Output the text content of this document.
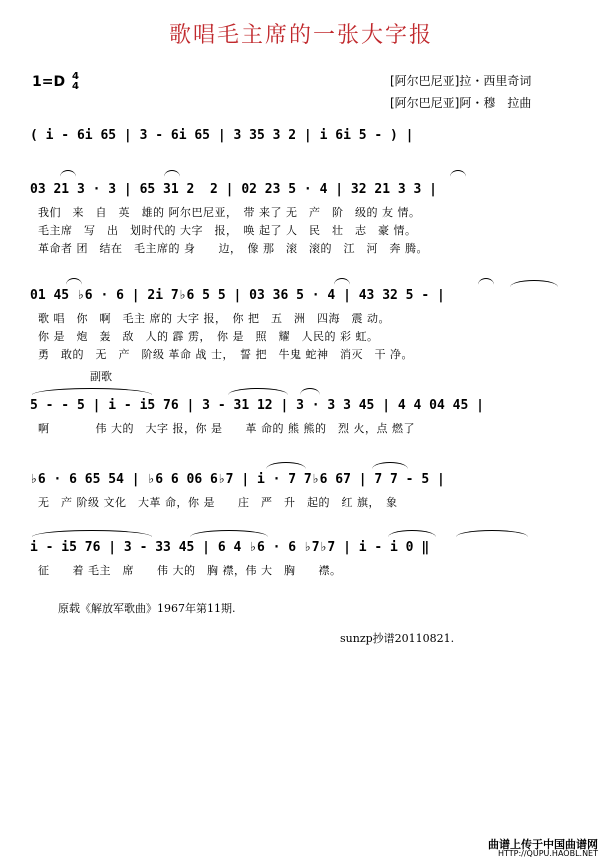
歌唱毛主席的一张大字报
1=D 4
4	[阿尔巴尼亚]拉・西里奇词
[阿尔巴尼亚]阿・穆　拉曲
( i - 6i 65 | 3 - 6i 65 | 3 35 3 2 | i 6i 5 - ) |
03 21 3 · 3 | 65 31 2  2 | 02 23 5 · 4 | 32 21 3 3 |
我们　来　自　英　雄的 阿尔巴尼亚，　带 来了 无　产　阶　级的 友 情。
毛主席　写　出　划时代的 大字　报，　唤 起了 人　民　壮　志　豪 情。
革命者 团　结在　毛主席的 身　　边，　像 那　滚　滚的　江　河　奔 腾。
01 45 ♭6 · 6 | 2i 7♭6 5 5 | 03 36 5 · 4 | 43 32 5 - |
歌 唱　你　啊　毛主 席的 大字 报，　你 把　五　洲　四海　震 动。
你 是　炮　轰　敌　人的 霹 雳，　你 是　照　耀　人民的 彩 虹。
勇　敢的　无　产　阶级 革命 战 士，　誓 把　牛鬼 蛇神　消灭　干 净。
副歌
5 - - 5 | i - i5 76 | 3 - 31 12 | 3 · 3 3 45 | 4 4 04 45 |
啊　　　　伟 大的　大字 报，你 是　　革 命的 熊 熊的　烈 火，点 燃了
♭6 · 6 65 54 | ♭6 6 06 6♭7 | i · 7 7♭6 67 | 7 7 - 5 |
无　产 阶级 文化　大革 命，你 是　　庄　严　升　起的　红 旗，　象
i - i5 76 | 3 - 33 45 | 6 4 ♭6 · 6 ♭7♭7 | i - i 0 ‖
征　　着 毛主　席　　伟 大的　胸 襟，伟 大　胸　　襟。
原载《解放军歌曲》1967年第11期.
sunzp抄谱20110821.
曲谱上传于中国曲谱网
HTTP://QUPU.HAOBL.NET
